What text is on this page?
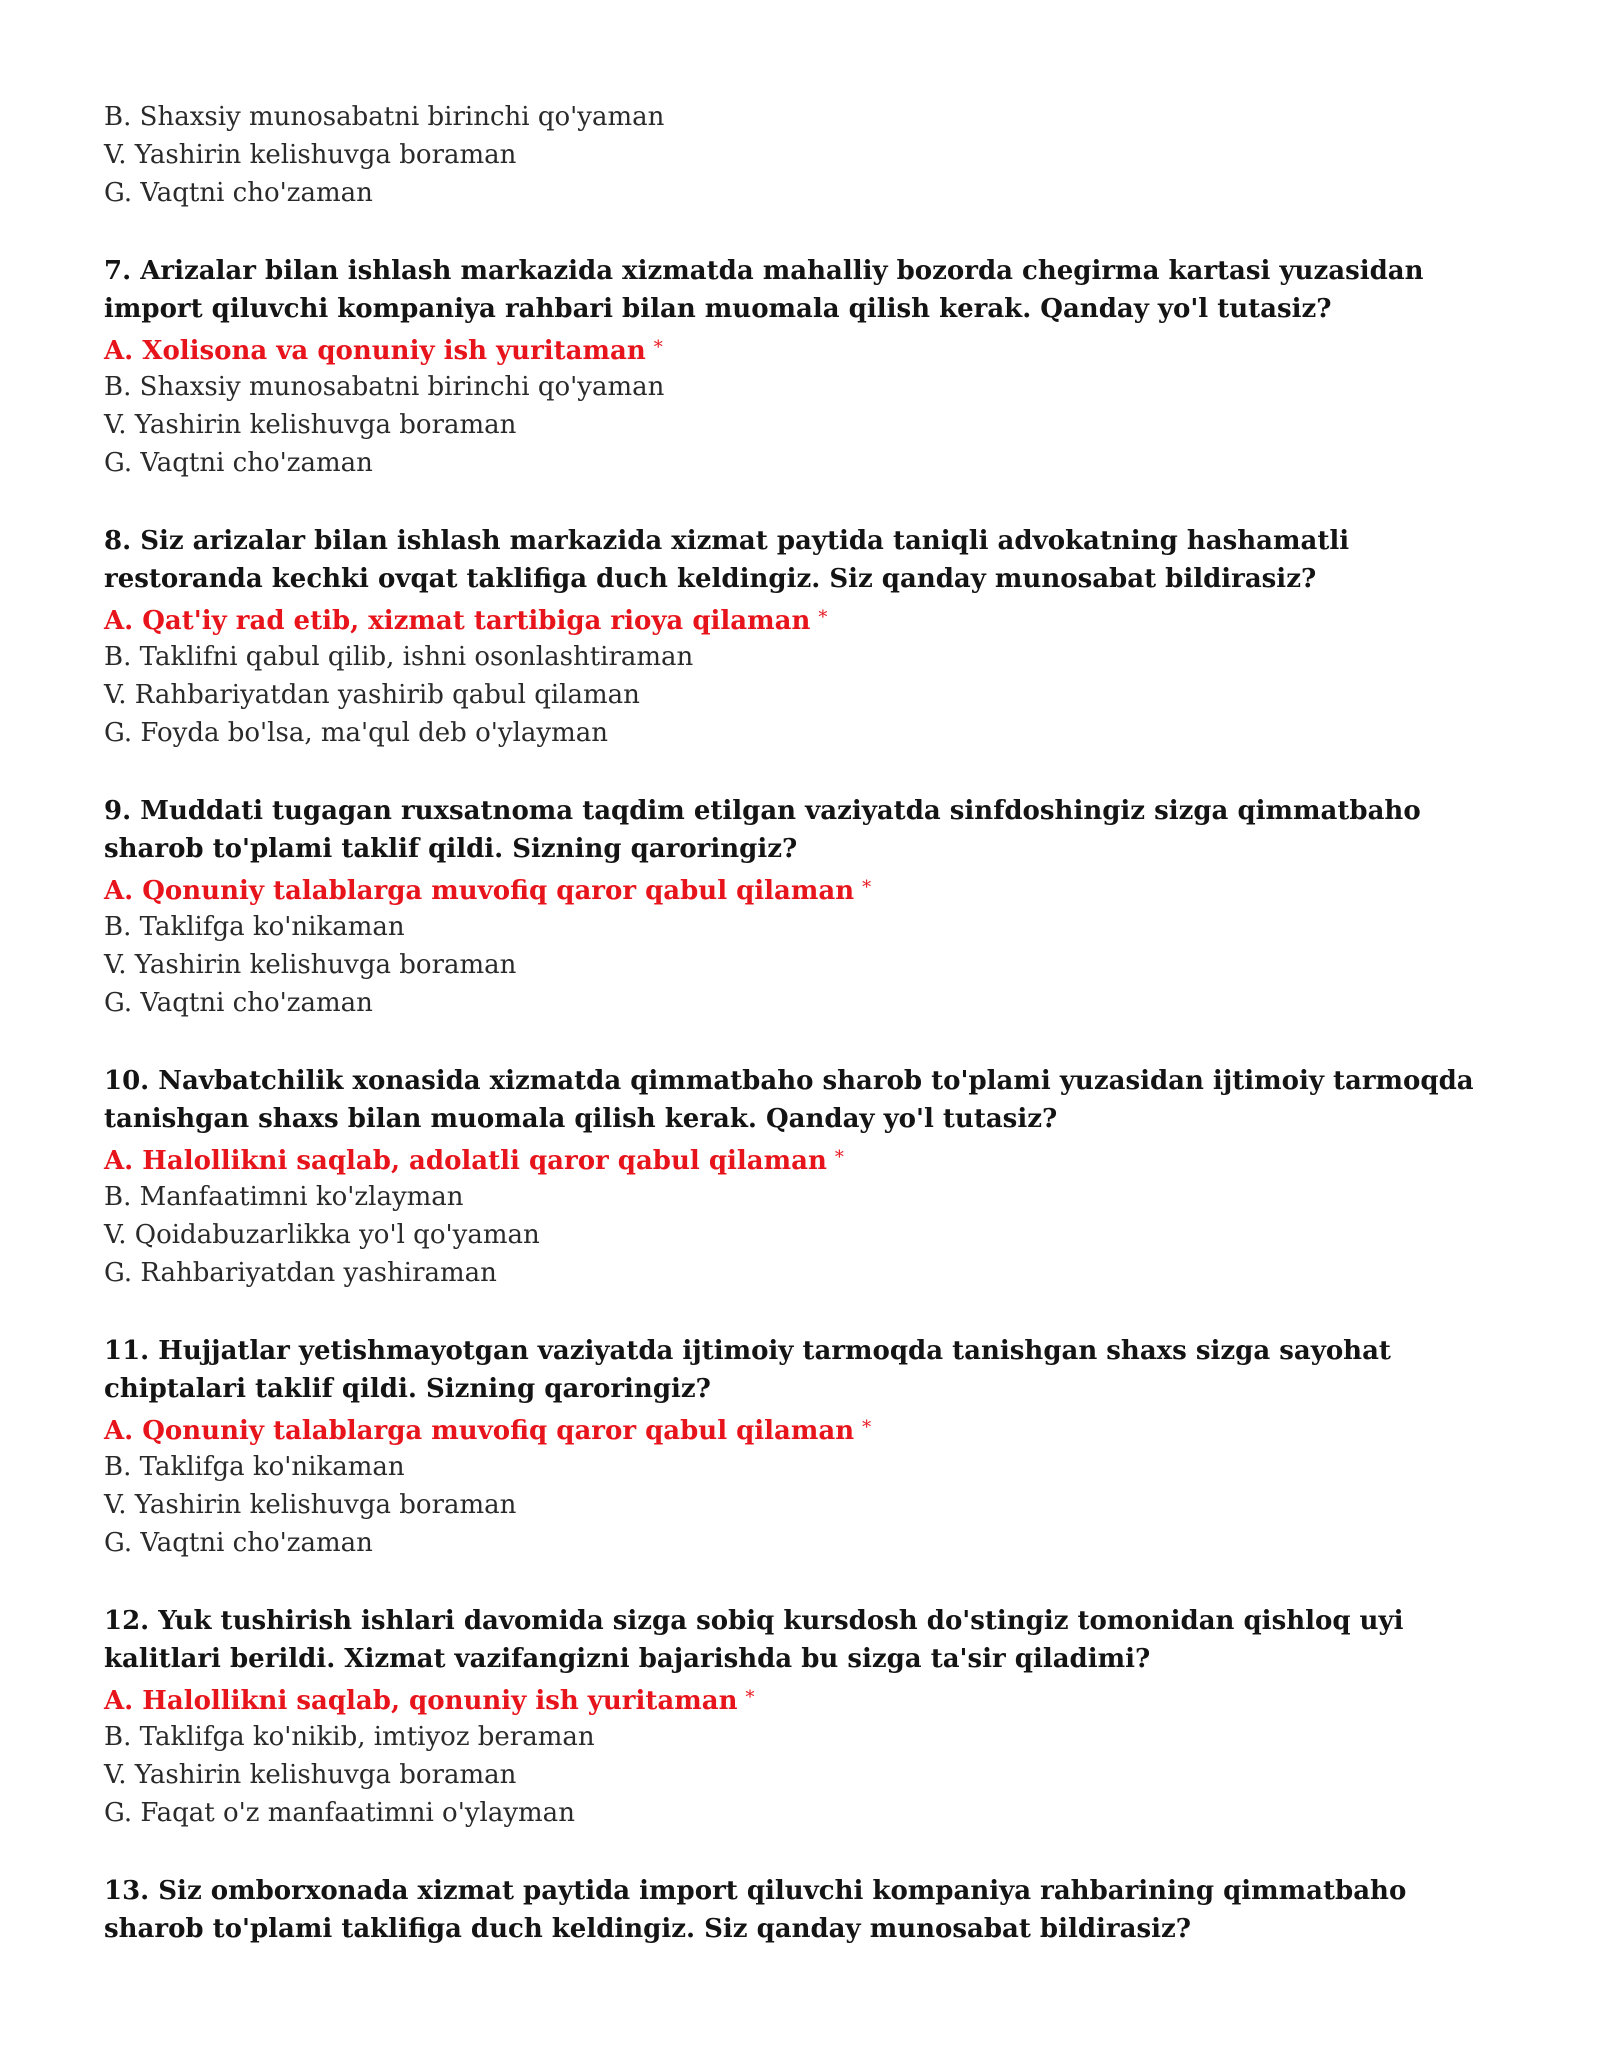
B. Shaxsiy munosabatni birinchi qo'yaman
V. Yashirin kelishuvga boraman
G. Vaqtni cho'zaman

7. Arizalar bilan ishlash markazida xizmatda mahalliy bozorda chegirma kartasi yuzasidan import qiluvchi kompaniya rahbari bilan muomala qilish kerak. Qanday yo'l tutasiz?

A. Xolisona va qonuniy ish yuritaman *
B. Shaxsiy munosabatni birinchi qo'yaman
V. Yashirin kelishuvga boraman
G. Vaqtni cho'zaman

8. Siz arizalar bilan ishlash markazida xizmat paytida taniqli advokatning hashamatli restoranda kechki ovqat taklifiga duch keldingiz. Siz qanday munosabat bildirasiz?

A. Qat'iy rad etib, xizmat tartibiga rioya qilaman *
B. Taklifni qabul qilib, ishni osonlashtiraman
V. Rahbariyatdan yashirib qabul qilaman
G. Foyda bo'lsa, ma'qul deb o'ylayman

9. Muddati tugagan ruxsatnoma taqdim etilgan vaziyatda sinfdoshingiz sizga qimmatbaho sharob to'plami taklif qildi. Sizning qaroringiz?

A. Qonuniy talablarga muvofiq qaror qabul qilaman *
B. Taklifga ko'nikaman
V. Yashirin kelishuvga boraman
G. Vaqtni cho'zaman

10. Navbatchilik xonasida xizmatda qimmatbaho sharob to'plami yuzasidan ijtimoiy tarmoqda tanishgan shaxs bilan muomala qilish kerak. Qanday yo'l tutasiz?

A. Halollikni saqlab, adolatli qaror qabul qilaman *
B. Manfaatimni ko'zlayman
V. Qoidabuzarlikka yo'l qo'yaman
G. Rahbariyatdan yashiraman

11. Hujjatlar yetishmayotgan vaziyatda ijtimoiy tarmoqda tanishgan shaxs sizga sayohat chiptalari taklif qildi. Sizning qaroringiz?

A. Qonuniy talablarga muvofiq qaror qabul qilaman *
B. Taklifga ko'nikaman
V. Yashirin kelishuvga boraman
G. Vaqtni cho'zaman

12. Yuk tushirish ishlari davomida sizga sobiq kursdosh do'stingiz tomonidan qishloq uyi kalitlari berildi. Xizmat vazifangizni bajarishda bu sizga ta'sir qiladimi?

A. Halollikni saqlab, qonuniy ish yuritaman *
B. Taklifga ko'nikib, imtiyoz beraman
V. Yashirin kelishuvga boraman
G. Faqat o'z manfaatimni o'ylayman

13. Siz omborxonada xizmat paytida import qiluvchi kompaniya rahbarining qimmatbaho sharob to'plami taklifiga duch keldingiz. Siz qanday munosabat bildirasiz?
